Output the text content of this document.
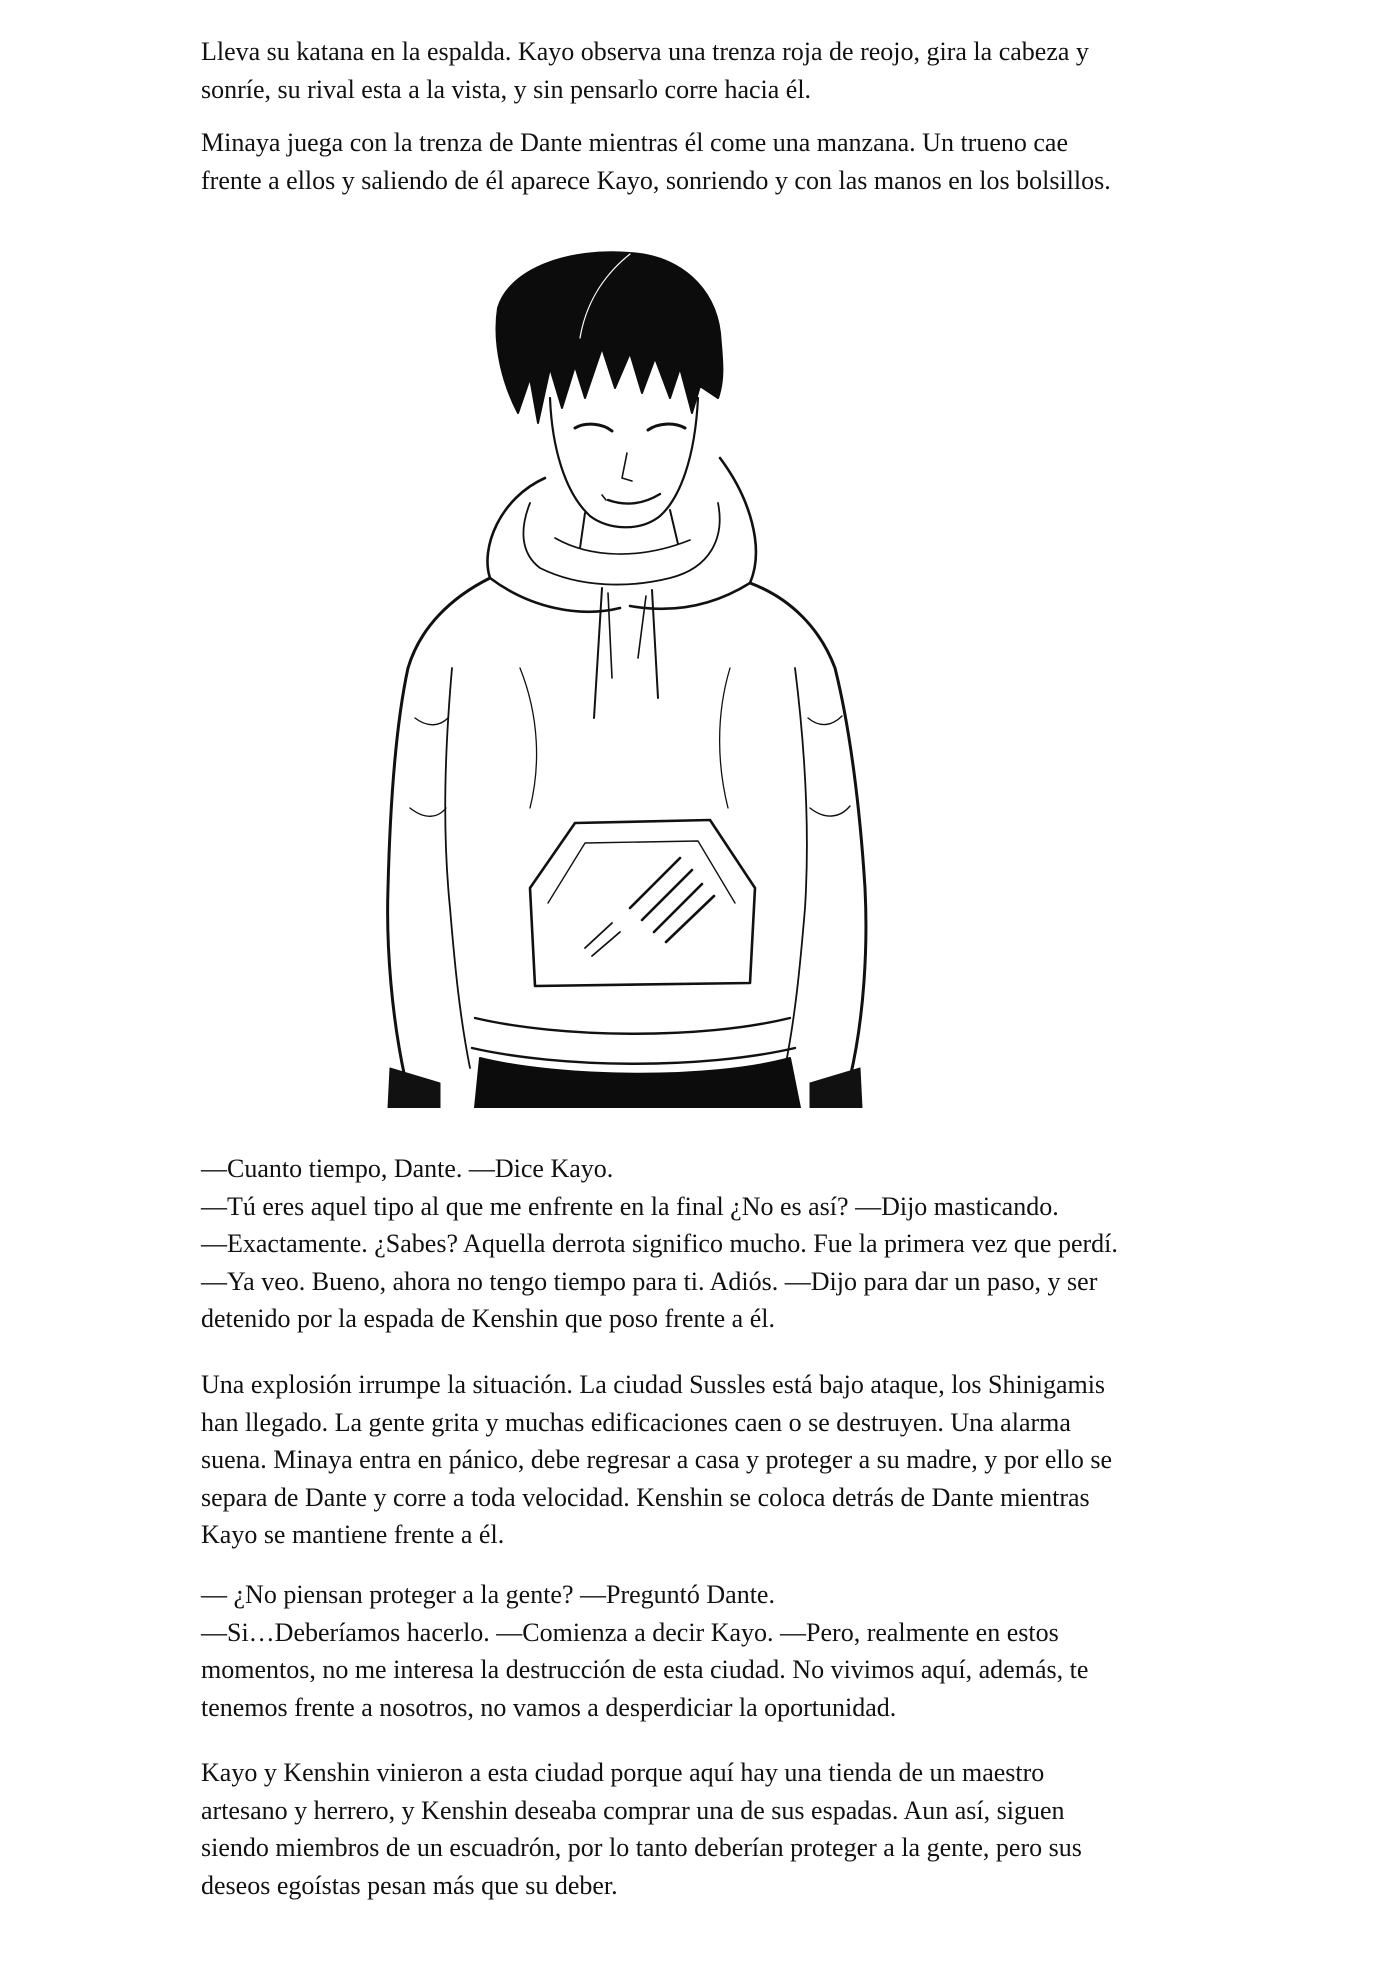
Lleva su katana en la espalda. Kayo observa una trenza roja de reojo, gira la cabeza y
sonríe, su rival esta a la vista, y sin pensarlo corre hacia él.
Minaya juega con la trenza de Dante mientras él come una manzana. Un trueno cae
frente a ellos y saliendo de él aparece Kayo, sonriendo y con las manos en los bolsillos.
—Cuanto tiempo, Dante. —Dice Kayo.
—Tú eres aquel tipo al que me enfrente en la final ¿No es así? —Dijo masticando.
—Exactamente. ¿Sabes? Aquella derrota significo mucho. Fue la primera vez que perdí.
—Ya veo. Bueno, ahora no tengo tiempo para ti. Adiós. —Dijo para dar un paso, y ser
detenido por la espada de Kenshin que poso frente a él.
Una explosión irrumpe la situación. La ciudad Sussles está bajo ataque, los Shinigamis
han llegado. La gente grita y muchas edificaciones caen o se destruyen. Una alarma
suena. Minaya entra en pánico, debe regresar a casa y proteger a su madre, y por ello se
separa de Dante y corre a toda velocidad. Kenshin se coloca detrás de Dante mientras
Kayo se mantiene frente a él.
— ¿No piensan proteger a la gente? —Preguntó Dante.
—Si…Deberíamos hacerlo. —Comienza a decir Kayo. —Pero, realmente en estos
momentos, no me interesa la destrucción de esta ciudad. No vivimos aquí, además, te
tenemos frente a nosotros, no vamos a desperdiciar la oportunidad.
Kayo y Kenshin vinieron a esta ciudad porque aquí hay una tienda de un maestro
artesano y herrero, y Kenshin deseaba comprar una de sus espadas. Aun así, siguen
siendo miembros de un escuadrón, por lo tanto deberían proteger a la gente, pero sus
deseos egoístas pesan más que su deber.
